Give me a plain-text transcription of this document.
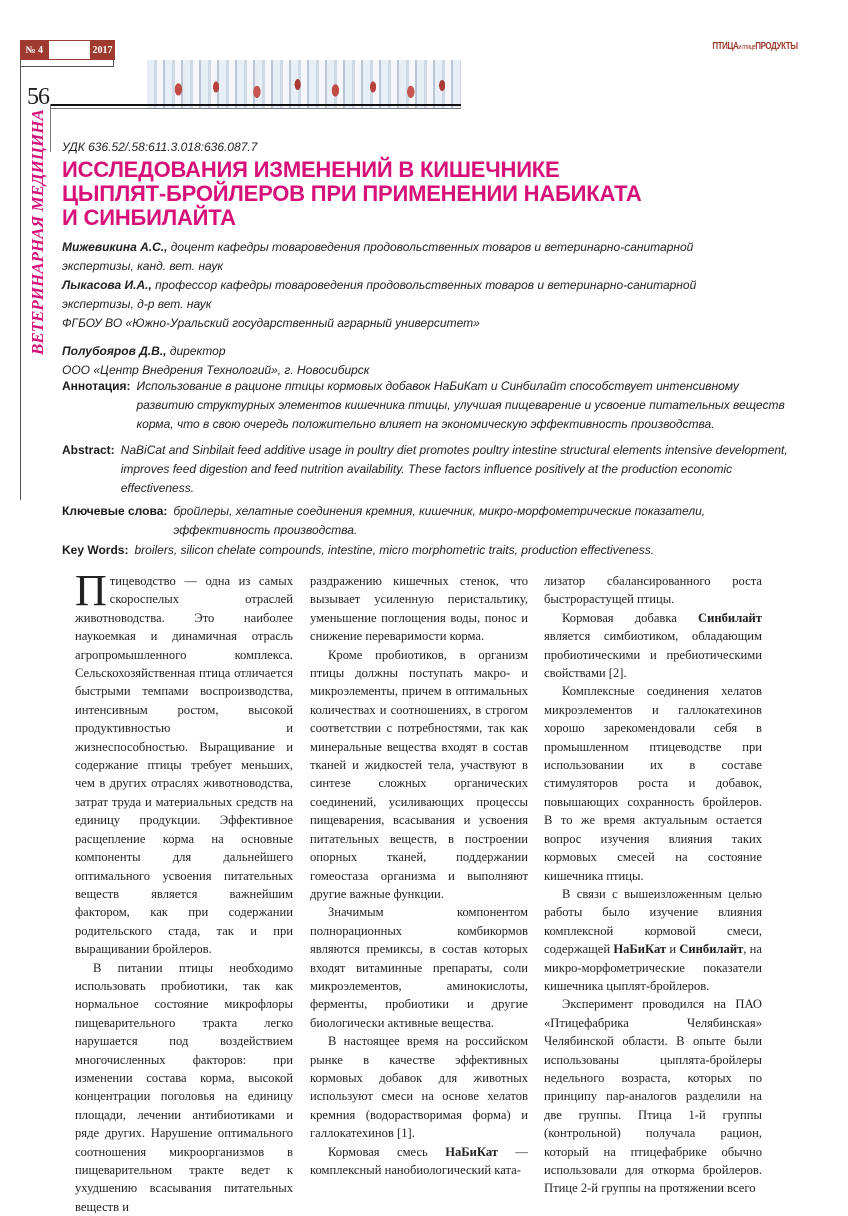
№ 4	2017
56
ПТИЦАи птицеПРОДУКТЫ
ВЕТЕРИНАРНАЯ МЕДИЦИНА УДК 636.52/.58:611.3.018:636.087.7
ИССЛЕДОВАНИЯ ИЗМЕНЕНИЙ В КИШЕЧНИКЕ
ЦЫПЛЯТ-БРОЙЛЕРОВ ПРИ ПРИМЕНЕНИИ НАБИКАТА
И СИНБИЛАЙТА
Мижевикина А.С., доцент кафедры товароведения продовольственных товаров и ветеринарно-санитарной
экспертизы, канд. вет. наук
Лыкасова И.А., профессор кафедры товароведения продовольственных товаров и ветеринарно-санитарной
экспертизы, д-р вет. наук
ФГБОУ ВО «Южно-Уральский государственный аграрный университет»
Полубояров Д.В., директор
ООО «Центр Внедрения Технологий», г. Новосибирск
Аннотация: Использование в рационе птицы кормовых добавок НаБиКат и Синбилайт способствует интенсивному развитию структурных элементов кишечника птицы, улучшая пищеварение и усвоение питательных веществ корма, что в свою очередь положительно влияет на экономическую эффективность производства.
Abstract: NaBiCat and Sinbilait feed additive usage in poultry diet promotes poultry intestine structural elements intensive development, improves feed digestion and feed nutrition availability. These factors influence positively at the production economic effectiveness.
Ключевые слова: бройлеры, хелатные соединения кремния, кишечник, микро-морфометрические показатели, эффективность производства.
Key Words: broilers, silicon chelate compounds, intestine, micro morphometric traits, production effectiveness.

Птицеводство — одна из самых скороспелых отраслей животноводства. Это наиболее наукоемкая и динамичная отрасль агропромышленного комплекса. Сельскохозяйственная птица отличается быстрыми темпами воспроизводства, интенсивным ростом, высокой продуктивностью и жизнеспособностью. Выращивание и содержание птицы требует меньших, чем в других отраслях животноводства, затрат труда и материальных средств на единицу продукции. Эффективное расщепление корма на основные компоненты для дальнейшего оптимального усвоения питательных веществ является важнейшим фактором, как при содержании родительского стада, так и при выращивании бройлеров.

В питании птицы необходимо использовать пробиотики, так как нормальное состояние микрофлоры пищеварительного тракта легко нарушается под воздействием многочисленных факторов: при изменении состава корма, высокой концентрации поголовья на единицу площади, лечении антибиотиками и ряде других. Нарушение оптимального соотношения микроорганизмов в пищеварительном тракте ведет к ухудшению всасывания питательных веществ и

раздражению кишечных стенок, что вызывает усиленную перистальтику, уменьшение поглощения воды, понос и снижение переваримости корма.

Кроме пробиотиков, в организм птицы должны поступать макро- и микроэлементы, причем в оптимальных количествах и соотношениях, в строгом соответствии с потребностями, так как минеральные вещества входят в состав тканей и жидкостей тела, участвуют в синтезе сложных органических соединений, усиливающих процессы пищеварения, всасывания и усвоения питательных веществ, в построении опорных тканей, поддержании гомеостаза организма и выполняют другие важные функции.

Значимым компонентом полнорационных комбикормов являются премиксы, в состав которых входят витаминные препараты, соли микроэлементов, аминокислоты, ферменты, пробиотики и другие биологически активные вещества.

В настоящее время на российском рынке в качестве эффективных кормовых добавок для животных используют смеси на основе хелатов кремния (водорастворимая форма) и галлокатехинов [1].

Кормовая смесь НаБиКат — комплексный нанобиологический ката-

лизатор сбалансированного роста быстрорастущей птицы.

Кормовая добавка Синбилайт является симбиотиком, обладающим пробиотическими и пребиотическими свойствами [2].

Комплексные соединения хелатов микроэлементов и галлокатехинов хорошо зарекомендовали себя в промышленном птицеводстве при использовании их в составе стимуляторов роста и добавок, повышающих сохранность бройлеров. В то же время актуальным остается вопрос изучения влияния таких кормовых смесей на состояние кишечника птицы.

В связи с вышеизложенным целью работы было изучение влияния комплексной кормовой смеси, содержащей НаБиКат и Синбилайт, на микро-морфометрические показатели кишечника цыплят-бройлеров.

Эксперимент проводился на ПАО «Птицефабрика Челябинская» Челябинской области. В опыте были использованы цыплята-бройлеры недельного возраста, которых по принципу пар-аналогов разделили на две группы. Птица 1-й группы (контрольной) получала рацион, который на птицефабрике обычно использовали для откорма бройлеров. Птице 2-й группы на протяжении всего
